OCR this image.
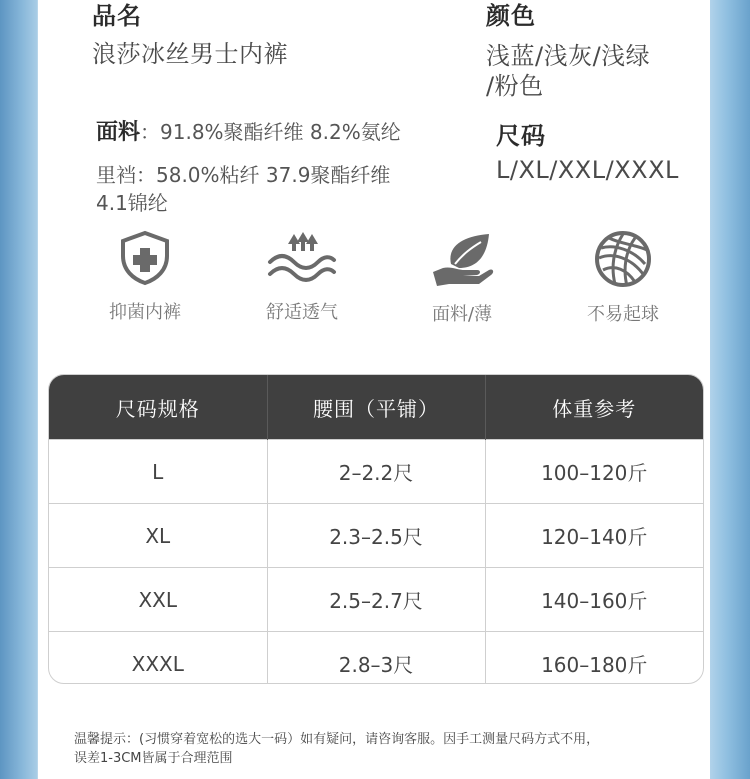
品名
浪莎冰丝男士内裤
颜色
浅蓝/浅灰/浅绿
/粉色
面料：91.8%聚酯纤维 8.2%氨纶
里裆：58.0%粘纤 37.9聚酯纤维
4.1锦纶
尺码
L/XL/XXL/XXXL
抑菌内裤	舒适透气	面料/薄	不易起球
尺码规格	腰围（平铺）	体重参考
L	2–2.2尺	100–120斤
XL	2.3–2.5尺	120–140斤
XXL	2.5–2.7尺	140–160斤
XXXL	2.8–3尺	160–180斤
温馨提示：(习惯穿着宽松的选大一码）如有疑问，请咨询客服。因手工测量尺码方式不用，
误差1-3CM皆属于合理范围
